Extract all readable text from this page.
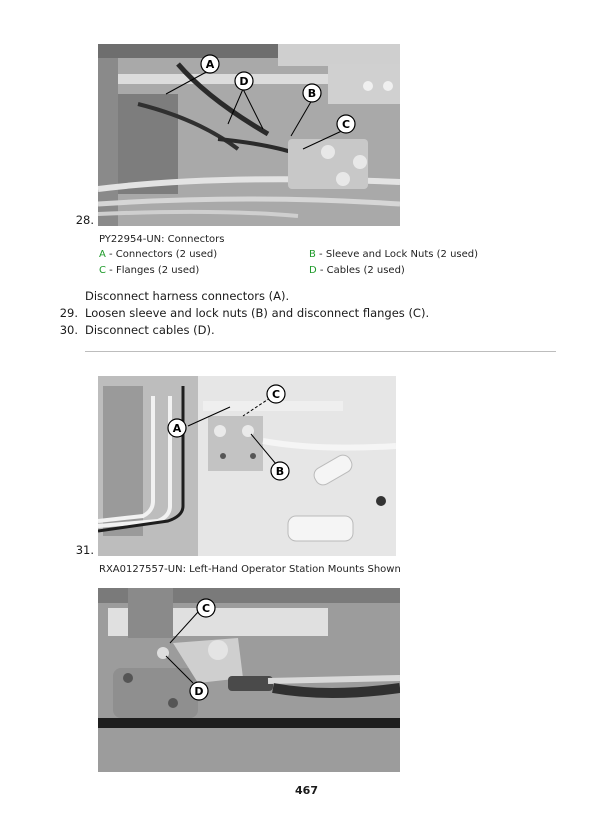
A
D
B
C
28.
PY22954-UN: Connectors
A - Connectors (2 used)	B - Sleeve and Lock Nuts (2 used)
C - Flanges (2 used)	D - Cables (2 used)
Disconnect harness connectors (A).
29. Loosen sleeve and lock nuts (B) and disconnect flanges (C).
30. Disconnect cables (D).
A
C
B
31.
RXA0127557-UN: Left-Hand Operator Station Mounts Shown
C
D
467
